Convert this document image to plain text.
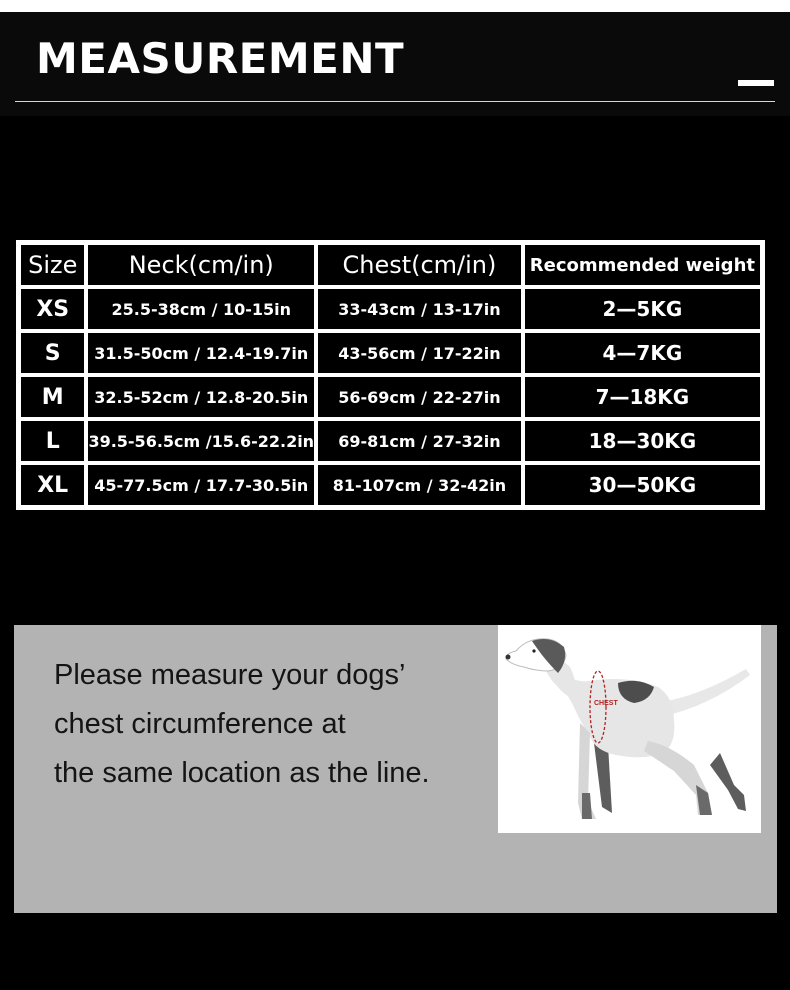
MEASUREMENT
Size	Neck(cm/in)	Chest(cm/in)	Recommended weight
XS	25.5-38cm / 10-15in	33-43cm / 13-17in	2—5KG
S	31.5-50cm / 12.4-19.7in	43-56cm / 17-22in	4—7KG
M	32.5-52cm / 12.8-20.5in	56-69cm / 22-27in	7—18KG
L	39.5-56.5cm /15.6-22.2in	69-81cm / 27-32in	18—30KG
XL	45-77.5cm / 17.7-30.5in	81-107cm / 32-42in	30—50KG

Please measure your dogs’
chest circumference at
the same location as the line.

CHEST
